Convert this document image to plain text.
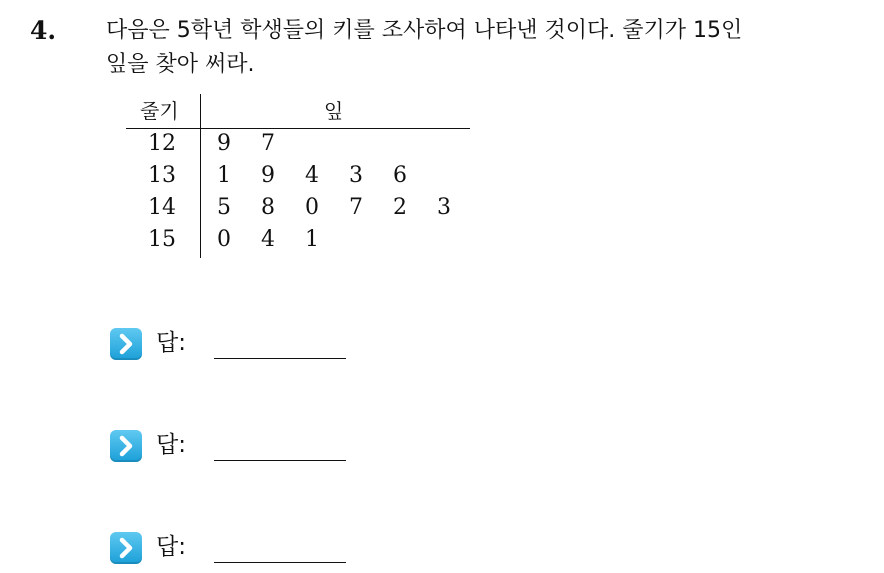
4. 다음은 5학년 학생들의 키를 조사하여 나타낸 것이다. 줄기가 15인
잎을 찾아 써라.
줄기	잎
12 9 7
13 1 9 4 3 6
14 5 8 0 7 2 3
15 0 4 1
답:
답:
답:
